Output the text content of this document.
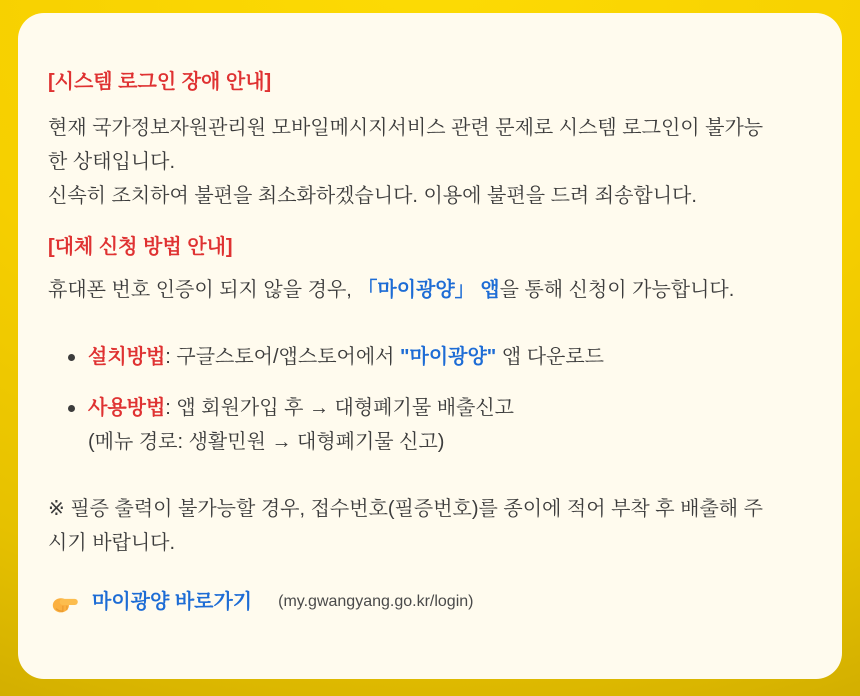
[시스템 로그인 장애 안내]

현재 국가정보자원관리원 모바일메시지서비스 관련 문제로 시스템 로그인이 불가능
한 상태입니다.
신속히 조치하여 불편을 최소화하겠습니다. 이용에 불편을 드려 죄송합니다.

[대체 신청 방법 안내]

휴대폰 번호 인증이 되지 않을 경우, 「마이광양」 앱을 통해 신청이 가능합니다.

설치방법: 구글스토어/앱스토어에서 "마이광양" 앱 다운로드
사용방법: 앱 회원가입 후 → 대형폐기물 배출신고
(메뉴 경로: 생활민원 → 대형폐기물 신고)

※ 필증 출력이 불가능할 경우, 접수번호(필증번호)를 종이에 적어 부착 후 배출해 주
시기 바랍니다.

마이광양 바로가기 (my.gwangyang.go.kr/login)
